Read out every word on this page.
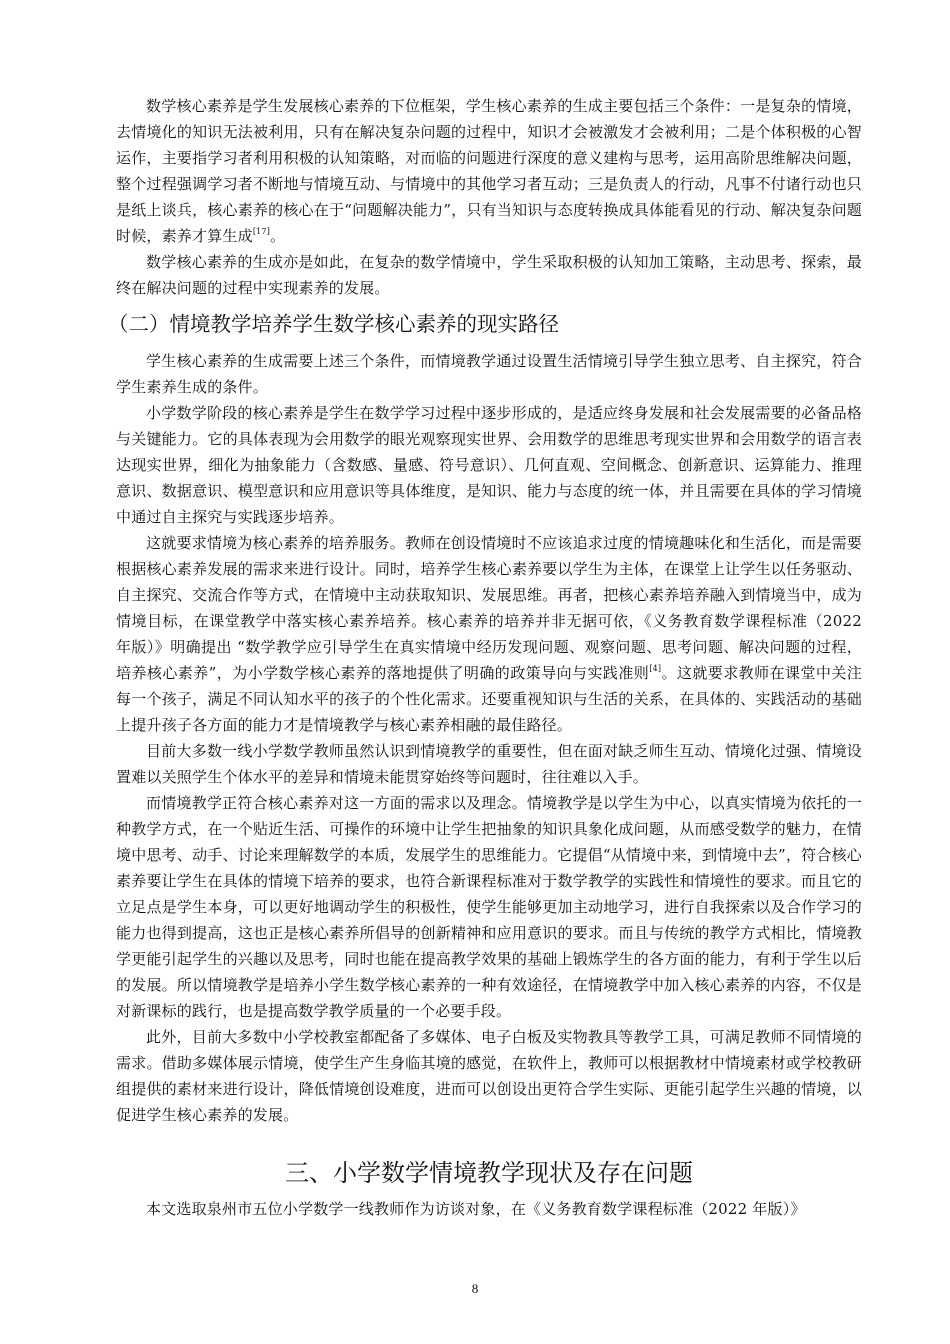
数学核心素养是学生发展核心素养的下位框架，学生核心素养的生成主要包括三个条件：一是复杂的情境，去情境化的知识无法被利用，只有在解决复杂问题的过程中，知识才会被激发才会被利用；二是个体积极的心智运作，主要指学习者利用积极的认知策略，对而临的问题进行深度的意义建构与思考，运用高阶思维解决问题，整个过程强调学习者不断地与情境互动、与情境中的其他学习者互动；三是负责人的行动，凡事不付诸行动也只是纸上谈兵，核心素养的核心在于“问题解决能力”，只有当知识与态度转换成具体能看见的行动、解决复杂问题时候，素养才算生成[17]。

数学核心素养的生成亦是如此，在复杂的数学情境中，学生采取积极的认知加工策略，主动思考、探索，最终在解决问题的过程中实现素养的发展。

（二）情境教学培养学生数学核心素养的现实路径

学生核心素养的生成需要上述三个条件，而情境教学通过设置生活情境引导学生独立思考、自主探究，符合学生素养生成的条件。

小学数学阶段的核心素养是学生在数学学习过程中逐步形成的，是适应终身发展和社会发展需要的必备品格与关键能力。它的具体表现为会用数学的眼光观察现实世界、会用数学的思维思考现实世界和会用数学的语言表达现实世界，细化为抽象能力（含数感、量感、符号意识）、几何直观、空间概念、创新意识、运算能力、推理意识、数据意识、模型意识和应用意识等具体维度，是知识、能力与态度的统一体，并且需要在具体的学习情境中通过自主探究与实践逐步培养。

这就要求情境为核心素养的培养服务。教师在创设情境时不应该追求过度的情境趣味化和生活化，而是需要根据核心素养发展的需求来进行设计。同时，培养学生核心素养要以学生为主体，在课堂上让学生以任务驱动、自主探究、交流合作等方式，在情境中主动获取知识、发展思维。再者，把核心素养培养融入到情境当中，成为情境目标，在课堂教学中落实核心素养培养。核心素养的培养并非无据可依，《义务教育数学课程标准（2022 年版）》明确提出 “数学教学应引导学生在真实情境中经历发现问题、观察问题、思考问题、解决问题的过程，培养核心素养”，为小学数学核心素养的落地提供了明确的政策导向与实践准则[4]。这就要求教师在课堂中关注每一个孩子，满足不同认知水平的孩子的个性化需求。还要重视知识与生活的关系，在具体的、实践活动的基础上提升孩子各方面的能力才是情境教学与核心素养相融的最佳路径。

目前大多数一线小学数学教师虽然认识到情境教学的重要性，但在面对缺乏师生互动、情境化过强、情境设置难以关照学生个体水平的差异和情境未能贯穿始终等问题时，往往难以入手。

而情境教学正符合核心素养对这一方面的需求以及理念。情境教学是以学生为中心，以真实情境为依托的一种教学方式，在一个贴近生活、可操作的环境中让学生把抽象的知识具象化成问题，从而感受数学的魅力，在情境中思考、动手、讨论来理解数学的本质，发展学生的思维能力。它提倡“从情境中来，到情境中去”，符合核心素养要让学生在具体的情境下培养的要求，也符合新课程标准对于数学教学的实践性和情境性的要求。而且它的立足点是学生本身，可以更好地调动学生的积极性，使学生能够更加主动地学习，进行自我探索以及合作学习的能力也得到提高，这也正是核心素养所倡导的创新精神和应用意识的要求。而且与传统的教学方式相比，情境教学更能引起学生的兴趣以及思考，同时也能在提高教学效果的基础上锻炼学生的各方面的能力，有利于学生以后的发展。所以情境教学是培养小学生数学核心素养的一种有效途径，在情境教学中加入核心素养的内容，不仅是对新课标的践行，也是提高数学教学质量的一个必要手段。

此外，目前大多数中小学校教室都配备了多媒体、电子白板及实物教具等教学工具，可满足教师不同情境的需求。借助多媒体展示情境，使学生产生身临其境的感觉，在软件上，教师可以根据教材中情境素材或学校教研组提供的素材来进行设计，降低情境创设难度，进而可以创设出更符合学生实际、更能引起学生兴趣的情境，以促进学生核心素养的发展。

三、小学数学情境教学现状及存在问题

本文选取泉州市五位小学数学一线教师作为访谈对象，在《义务教育数学课程标准（2022 年版）》

8
